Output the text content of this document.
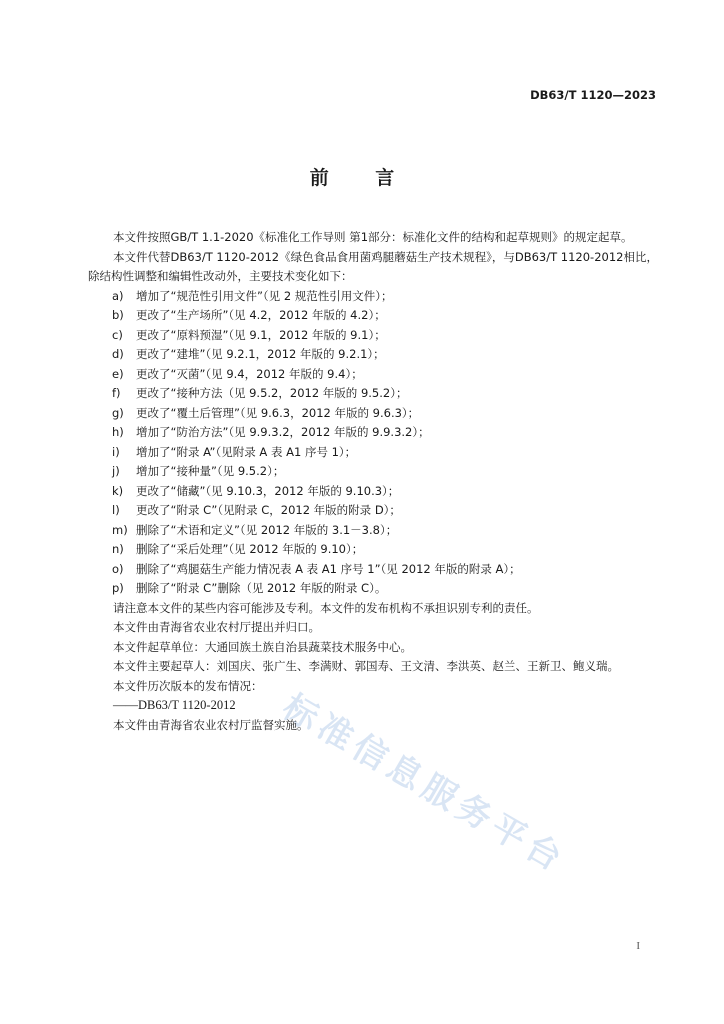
DB63/T 1120—2023
前 言

本文件按照GB/T 1.1-2020《标准化工作导则 第1部分：标准化文件的结构和起草规则》的规定起草。

本文件代替DB63/T 1120-2012《绿色食品食用菌鸡腿蘑菇生产技术规程》，与DB63/T 1120-2012相比，除结构性调整和编辑性改动外，主要技术变化如下：

a) 增加了“规范性引用文件”（见 2 规范性引用文件）；
b) 更改了“生产场所”（见 4.2，2012 年版的 4.2）；
c) 更改了“原料预湿”（见 9.1，2012 年版的 9.1）；
d) 更改了“建堆”（见 9.2.1，2012 年版的 9.2.1）；
e) 更改了“灭菌”（见 9.4，2012 年版的 9.4）；
f) 更改了“接种方法（见 9.5.2，2012 年版的 9.5.2）；
g) 更改了“覆土后管理”（见 9.6.3，2012 年版的 9.6.3）；
h) 增加了“防治方法”（见 9.9.3.2，2012 年版的 9.9.3.2）；
i) 增加了“附录 A”（见附录 A 表 A1 序号 1）；
j) 增加了“接种量”（见 9.5.2）；
k) 更改了“储藏”（见 9.10.3，2012 年版的 9.10.3）；
l) 更改了“附录 C”（见附录 C，2012 年版的附录 D）；
m) 删除了“术语和定义”（见 2012 年版的 3.1－3.8）；
n) 删除了“采后处理”（见 2012 年版的 9.10）；
o) 删除了“鸡腿菇生产能力情况表 A 表 A1 序号 1”（见 2012 年版的附录 A）；
p) 删除了“附录 C”删除（见 2012 年版的附录 C）。
请注意本文件的某些内容可能涉及专利。本文件的发布机构不承担识别专利的责任。
本文件由青海省农业农村厅提出并归口。
本文件起草单位：大通回族土族自治县蔬菜技术服务中心。
本文件主要起草人：刘国庆、张广生、李满财、郭国寿、王文清、李洪英、赵兰、王新卫、鲍义瑞。
本文件历次版本的发布情况：
——DB63/T 1120-2012
本文件由青海省农业农村厅监督实施。
标准信息服务平台
I
